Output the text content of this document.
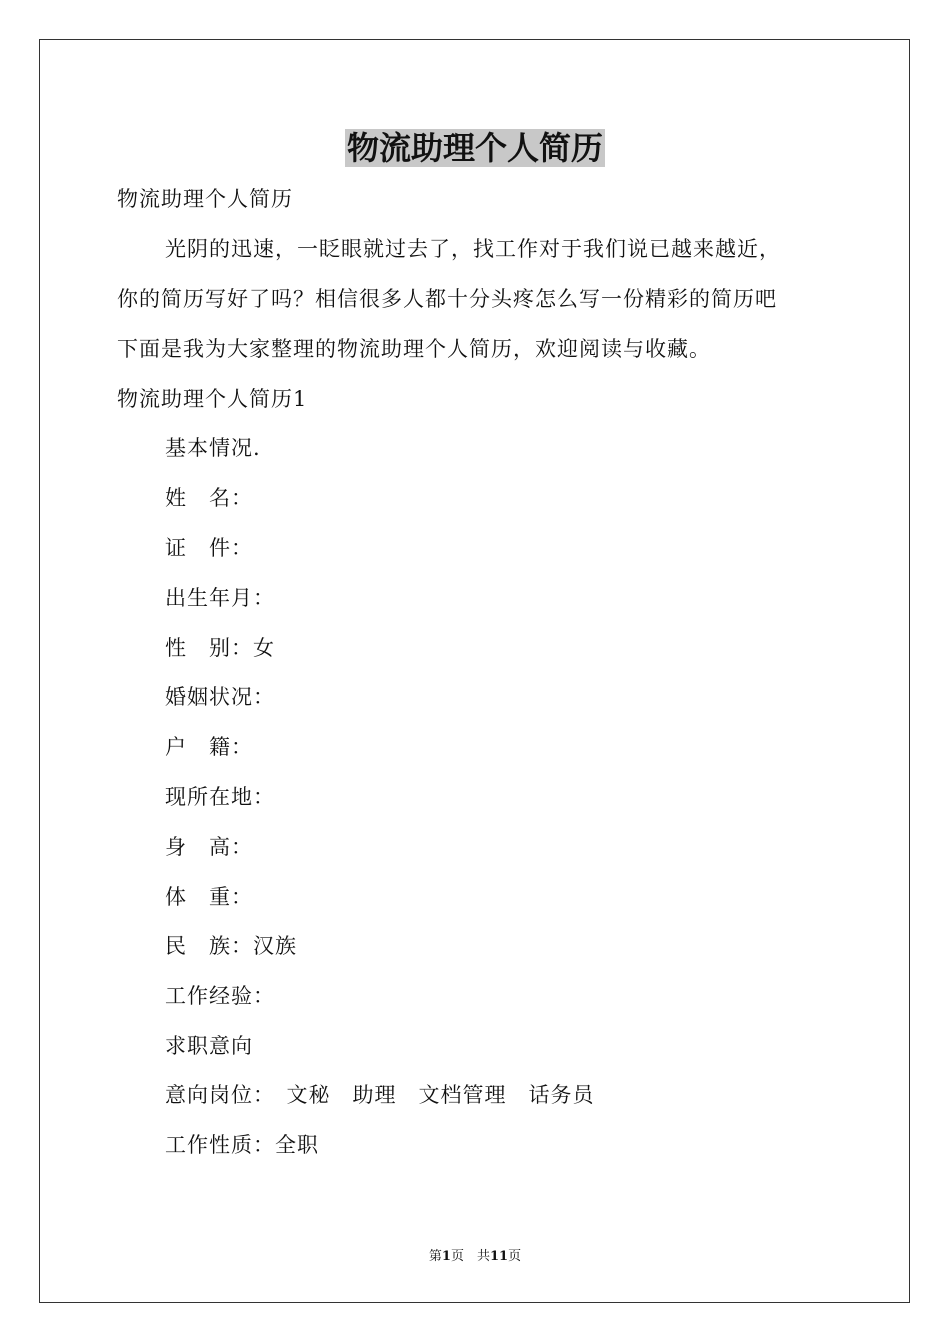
物流助理个人简历
物流助理个人简历
光阴的迅速，一眨眼就过去了，找工作对于我们说已越来越近，
你的简历写好了吗？相信很多人都十分头疼怎么写一份精彩的简历吧
下面是我为大家整理的物流助理个人简历，欢迎阅读与收藏。
物流助理个人简历1
基本情况.
姓　名：
证　件：
出生年月：
性　别：女
婚姻状况：
户　籍：
现所在地：
身　高：
体　重：
民　族：汉族
工作经验：
求职意向
意向岗位：　文秘　助理　文档管理　话务员
工作性质：全职
第1页　共11页
